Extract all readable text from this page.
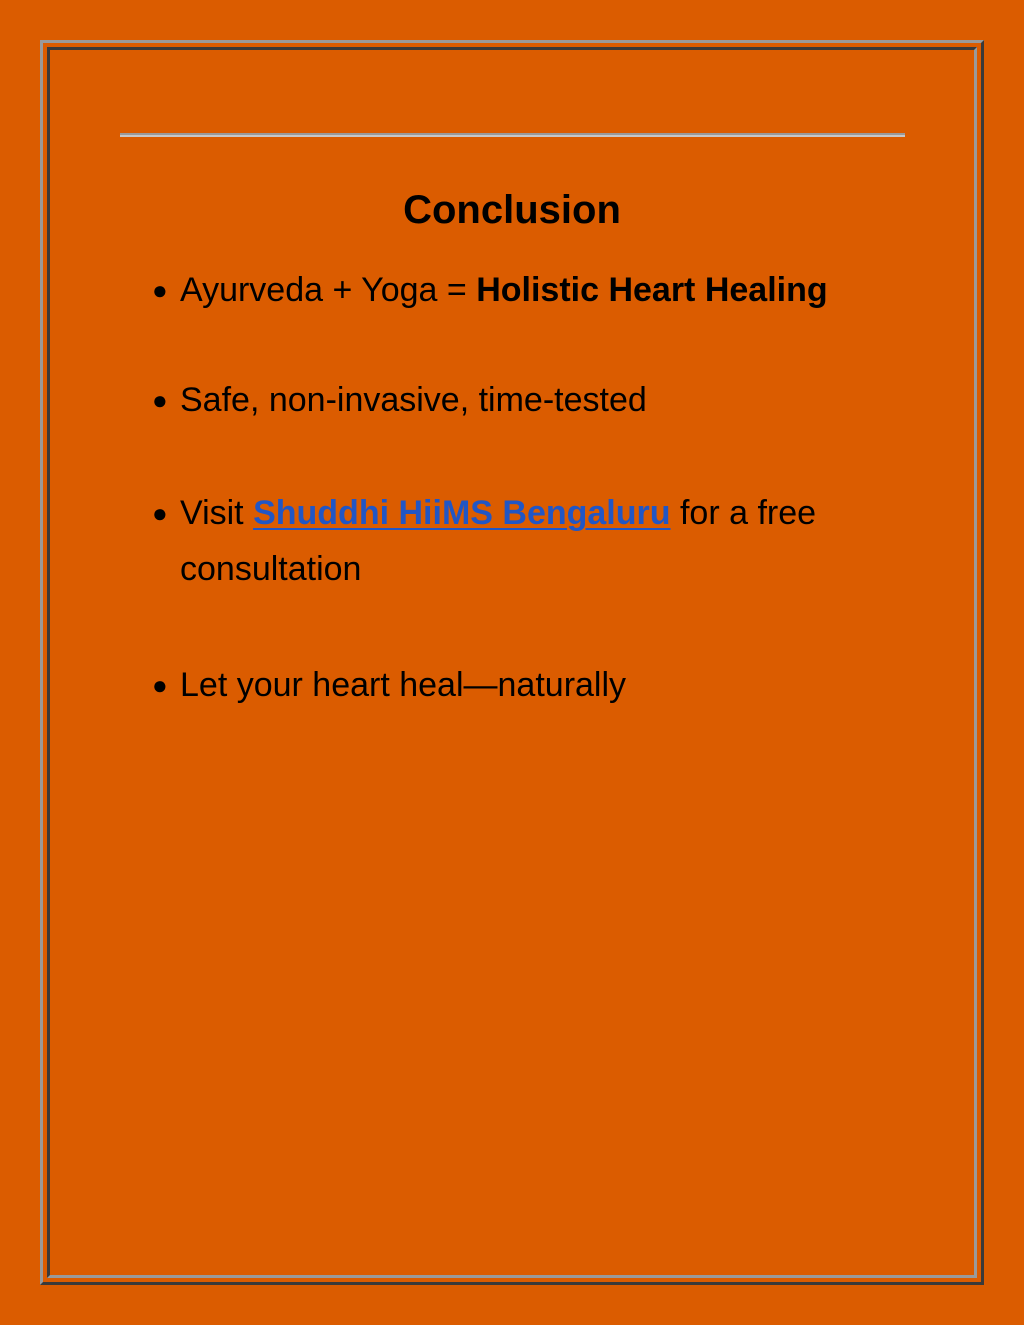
Conclusion
● Ayurveda + Yoga = Holistic Heart Healing
● Safe, non-invasive, time-tested
● Visit Shuddhi HiiMS Bengaluru for a free consultation
● Let your heart heal—naturally
